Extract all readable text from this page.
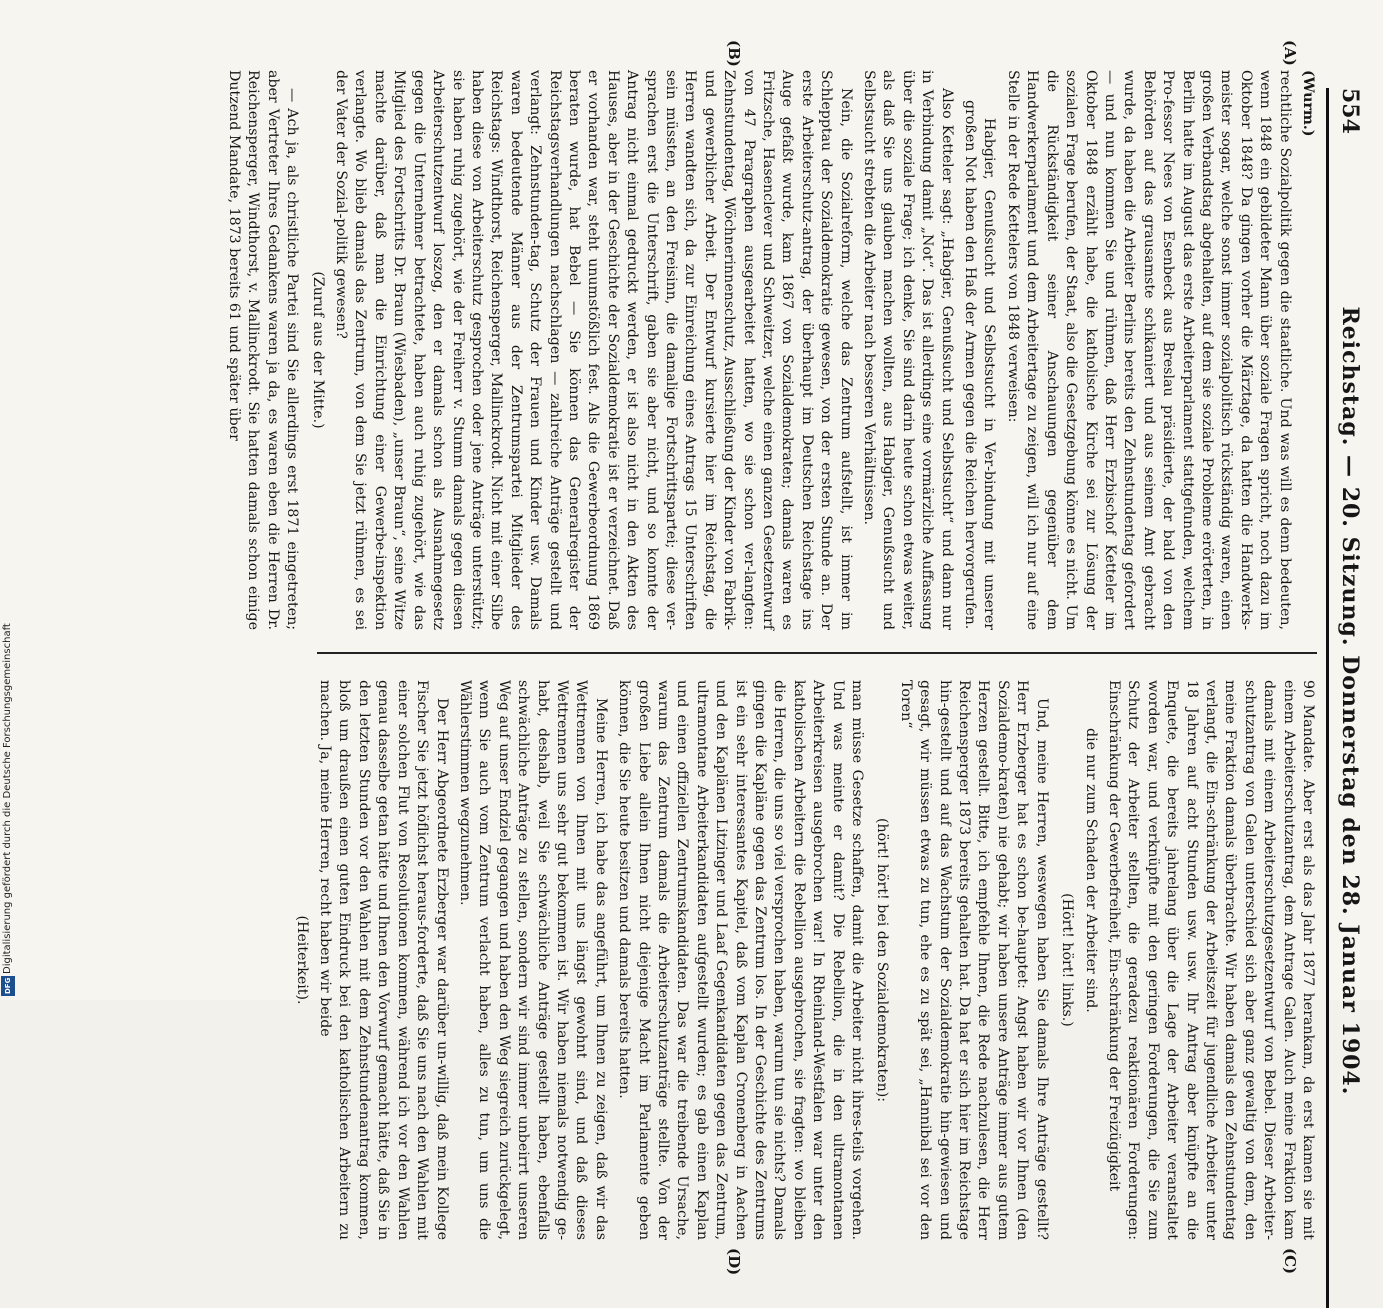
554
Reichstag. — 20. Sitzung. Donnerstag den 28. Januar 1904.
(A)
(B)
(C)
(D)

(Wurm.)

rechtliche Sozialpolitik gegen die staatliche. Und was will es denn bedeuten, wenn 1848 ein gebildeter Mann über soziale Fragen spricht, noch dazu im Oktober 1848? Da gingen vorher die Märztage, da hatten die Handwerks-meister sogar, welche sonst immer sozialpolitisch rückständig waren, einen großen Verbandstag abgehalten, auf dem sie soziale Probleme erörterten, in Berlin hatte im August das erste Arbeiterparlament stattgefunden, welchem Pro-fessor Nees von Esenbeck aus Breslau präsidierte, der bald von den Behörden auf das grausamste schikaniert und aus seinem Amt gebracht wurde, da haben die Arbeiter Berlins bereits den Zehnstundentag gefordert — und nun kommen Sie und rühmen, daß Herr Erzbischof Ketteler im Oktober 1848 erzählt habe, die katholische Kirche sei zur Lösung der sozialen Frage berufen, der Staat, also die Gesetzgebung könne es nicht. Um die Rückständigkeit seiner Anschauungen gegenüber dem Handwerkerparlament und dem Arbeitertage zu zeigen, will ich nur auf eine Stelle in der Rede Kettelers von 1848 verweisen:

Habgier, Genußsucht und Selbstsucht in Ver-bindung mit unserer großen Not haben den Haß der Armen gegen die Reichen hervorgerufen.

Also Ketteler sagt: „Habgier, Genußsucht und Selbstsucht“ und dann nur in Verbindung damit „Not“. Das ist allerdings eine vormärzliche Auffassung über die soziale Frage; ich denke, Sie sind darin heute schon etwas weiter, als daß Sie uns glauben machen wollten, aus Habgier, Genußsucht und Selbstsucht strebten die Arbeiter nach besseren Verhältnissen.

Nein, die Sozialreform, welche das Zentrum aufstellt, ist immer im Schlepptau der Sozialdemokratie gewesen, von der ersten Stunde an. Der erste Arbeiterschutz-antrag, der überhaupt im Deutschen Reichstage ins Auge gefaßt wurde, kam 1867 von Sozialdemokraten; damals waren es Fritzsche, Hasenclever und Schweitzer, welche einen ganzen Gesetzentwurf von 47 Paragraphen ausgearbeitet hatten, wo sie schon ver-langten: Zehnstundentag, Wöchnerinnenschutz, Ausschließung der Kinder von Fabrik- und gewerblicher Arbeit. Der Entwurf kursierte hier im Reichstag, die Herren wandten sich, da zur Einreichung eines Antrags 15 Unterschriften sein müssten, an den Freisinn, die damalige Fortschrittspartei; diese ver-sprachen erst die Unterschrift, gaben sie aber nicht, und so konnte der Antrag nicht einmal gedruckt werden, er ist also nicht in den Akten des Hauses, aber in der Geschichte der Sozialdemokratie ist er verzeichnet. Daß er vorhanden war, steht unumstößlich fest. Als die Gewerbeordnung 1869 beraten wurde, hat Bebel — Sie können das Generalregister der Reichstagsverhandlungen nachschlagen — zahlreiche Anträge gestellt und verlangt: Zehnstunden-tag, Schutz der Frauen und Kinder usw. Damals waren bedeutende Männer aus der Zentrumspartei Mitglieder des Reichstags: Windthorst, Reichensperger, Mallinckrodt. Nicht mit einer Silbe haben diese von Arbeiterschutz gesprochen oder jene Anträge unterstützt; sie haben ruhig zugehört, wie der Freiherr v. Stumm damals gegen diesen Arbeiterschutzentwurf loszog, den er damals schon als Ausnahmegesetz gegen die Unternehmer betrachtete, haben auch ruhig zugehört, wie das Mitglied des Fortschritts Dr. Braun (Wiesbaden), „unser Braun“, seine Witze machte darüber, daß man die Einrichtung einer Gewerbe-inspektion verlangte. Wo blieb damals das Zentrum, von dem Sie jetzt rühmen, es sei der Vater der Sozial-politik gewesen?

(Zuruf aus der Mitte.)

— Ach ja, als christliche Partei sind Sie allerdings erst 1871 eingetreten; aber Vertreter Ihres Gedankens waren ja da, es waren eben die Herren Dr. Reichensperger, Windthorst, v. Mallinckrodt. Sie hatten damals schon einige Dutzend Mandate, 1873 bereits 61 und später über

90 Mandate. Aber erst als das Jahr 1877 herankam, da erst kamen sie mit einem Arbeiterschutzantrag, dem Antrage Galen. Auch meine Fraktion kam damals mit einem Arbeiterschutzgesetzentwurf von Bebel. Dieser Arbeiter-schutzantrag von Galen unterschied sich aber ganz gewaltig von dem, den meine Fraktion damals überbrachte. Wir haben damals den Zehnstundentag verlangt, die Ein-schränkung der Arbeitszeit für jugendliche Arbeiter unter 18 Jahren auf acht Stunden usw. usw. Ihr Antrag aber knüpfte an die Enquete, die bereits jahrelang über die Lage der Arbeiter veranstaltet worden war, und verknüpfte mit den geringen Forderungen, die Sie zum Schutz der Arbeiter stellten, die geradezu reaktionären Forderungen: Einschränkung der Gewerbefreiheit, Ein-schränkung der Freizügigkeit

die nur zum Schaden der Arbeiter sind.

(Hört! hört! links.)

Und, meine Herren, weswegen haben Sie damals Ihre Anträge gestellt? Herr Erzberger hat es schon be-hauptet: Angst haben wir vor Ihnen (den Sozialdemo-kraten) nie gehabt; wir haben unsere Anträge immer aus gutem Herzen gestellt. Bitte, ich empfehle Ihnen, die Rede nachzulesen, die Herr Reichensperger 1873 bereits gehalten hat. Da hat er sich hier im Reichstage hin-gestellt und auf das Wachstum der Sozialdemokratie hin-gewiesen und gesagt, wir müssen etwas zu tun, ehe es zu spät sei, „Hannibal sei vor den Toren“

(hört! hört! bei den Sozialdemokraten):

man müsse Gesetze schaffen, damit die Arbeiter nicht ihres-teils vorgehen. Und was meinte er damit? Die Rebellion, die in den ultramontanen Arbeiterkreisen ausgebrochen war! In Rheinland-Westfalen war unter den katholischen Arbeitern die Rebellion ausgebrochen, sie fragten: wo bleiben die Herren, die uns so viel versprochen haben, warum tun sie nichts? Damals gingen die Kapläne gegen das Zentrum los. In der Geschichte des Zentrums ist ein sehr interessantes Kapitel, daß vom Kaplan Cronenberg in Aachen und den Kaplänen Litzinger und Laaf Gegenkandidaten gegen das Zentrum, ultramontane Arbeiterkandidaten aufgestellt wurden; es gab einen Kaplan und einen offiziellen Zentrumskandidaten. Das war die treibende Ursache, warum das Zentrum damals die Arbeiterschutzanträge stellte. Von der großen Liebe allein Ihnen nicht diejenige Macht im Parlamente geben können, die Sie heute besitzen und damals bereits hatten.

Meine Herren, ich habe das angeführt, um Ihnen zu zeigen, daß wir das Wettrennen von Ihnen mit uns längst gewohnt sind, und daß dieses Wettrennen uns sehr gut bekommen ist. Wir haben niemals notwendig ge-habt, deshalb, weil Sie schwächliche Anträge gestellt haben, ebenfalls schwächliche Anträge zu stellen, sondern wir sind immer unbeirrt unseren Weg auf unser Endziel gegangen und haben den Weg siegreich zurückgelegt, wenn Sie auch vom Zentrum verlacht haben, alles zu tun, um uns die Wählerstimmen wegzunehmen.

Der Herr Abgeordnete Erzberger war darüber un-willig, daß mein Kollege Fischer Sie jetzt höflichst heraus-forderte, daß Sie uns nach den Wahlen mit einer solchen Flut von Resolutionen kommen, während ich vor den Wahlen genau dasselbe getan hätte und Ihnen den Vorwurf gemacht hätte, daß Sie in den letzten Stunden vor den Wahlen mit dem Zehnstundenantrag kommen, bloß um draußen einen guten Eindruck bei den katholischen Arbeitern zu machen. Ja, meine Herren, recht haben wir beide

(Heiterkeit).

Digitalisierung gefördert durch die Deutsche Forschungsgemeinschaft
DFG
